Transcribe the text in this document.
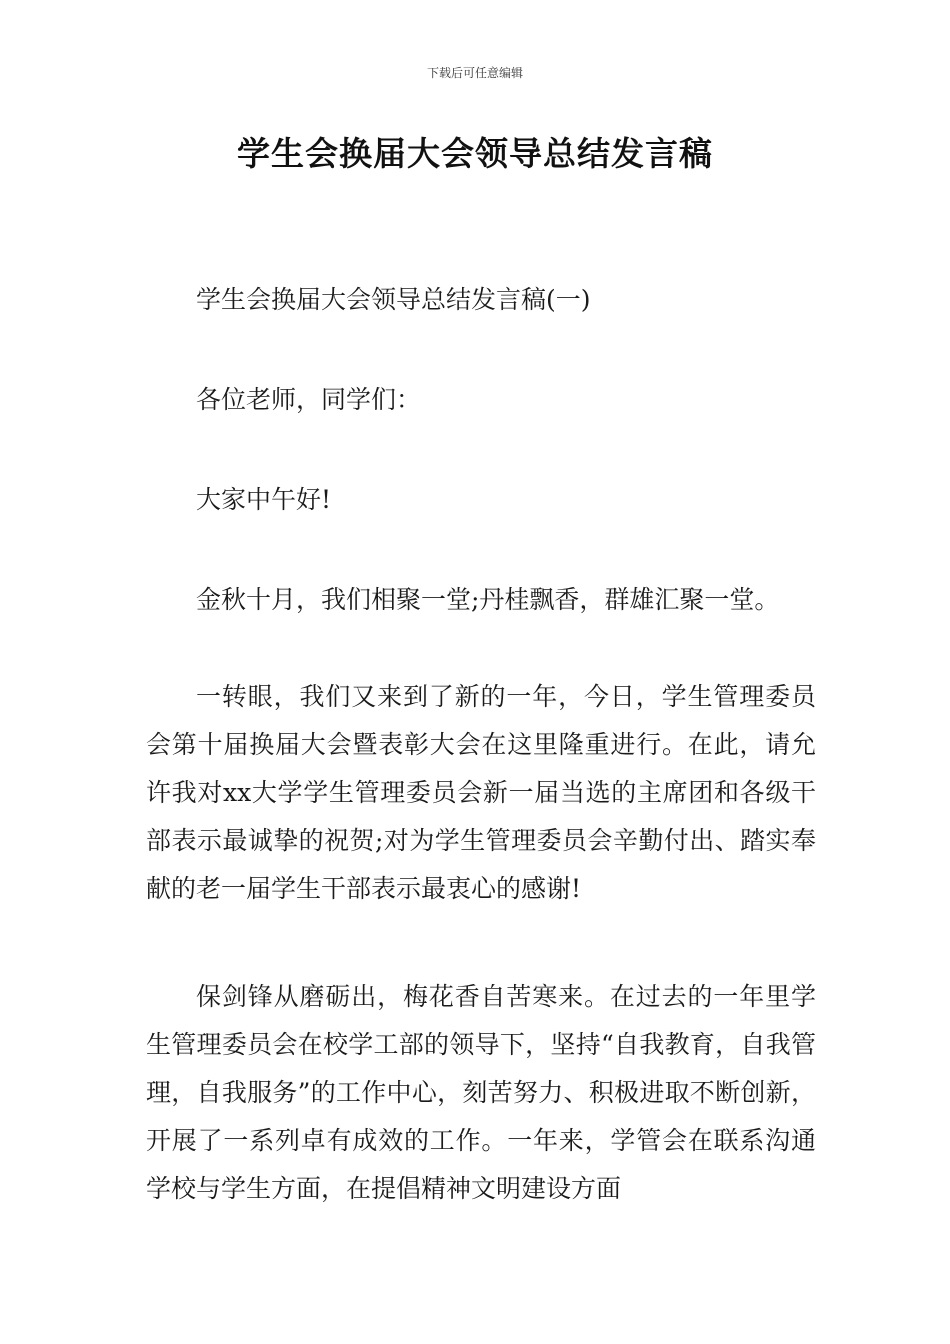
下载后可任意编辑
学生会换届大会领导总结发言稿
学生会换届大会领导总结发言稿(一)
各位老师，同学们：
大家中午好!
金秋十月，我们相聚一堂;丹桂飘香，群雄汇聚一堂。
一转眼，我们又来到了新的一年，今日，学生管理委员会第十届换届大会暨表彰大会在这里隆重进行。在此，请允许我对xx大学学生管理委员会新一届当选的主席团和各级干部表示最诚挚的祝贺;对为学生管理委员会辛勤付出、踏实奉献的老一届学生干部表示最衷心的感谢!
保剑锋从磨砺出，梅花香自苦寒来。在过去的一年里学生管理委员会在校学工部的领导下，坚持“自我教育，自我管理，自我服务”的工作中心，刻苦努力、积极进取不断创新，开展了一系列卓有成效的工作。一年来，学管会在联系沟通学校与学生方面，在提倡精神文明建设方面
